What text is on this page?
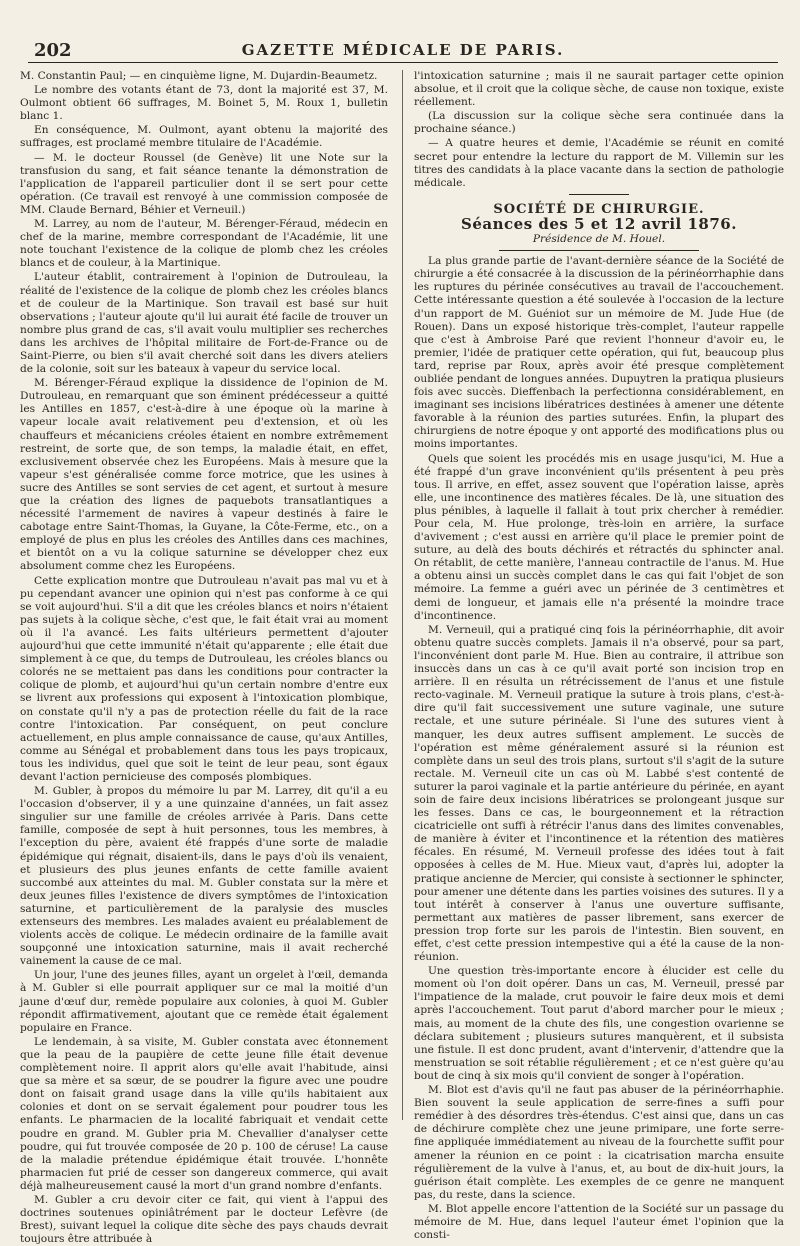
202	GAZETTE MÉDICALE DE PARIS.

M. Constantin Paul; — en cinquième ligne, M. Dujardin-Beaumetz.

Le nombre des votants étant de 73, dont la majorité est 37, M. Oulmont obtient 66 suffrages, M. Boinet 5, M. Roux 1, bulletin blanc 1.

En conséquence, M. Oulmont, ayant obtenu la majorité des suffrages, est proclamé membre titulaire de l'Académie.

— M. le docteur Roussel (de Genève) lit une Note sur la transfusion du sang, et fait séance tenante la démonstration de l'application de l'appareil particulier dont il se sert pour cette opération. (Ce travail est renvoyé à une commission composée de MM. Claude Bernard, Béhier et Verneuil.)

M. Larrey, au nom de l'auteur, M. Bérenger-Féraud, médecin en chef de la marine, membre correspondant de l'Académie, lit une note touchant l'existence de la colique de plomb chez les créoles blancs et de couleur, à la Martinique.

L'auteur établit, contrairement à l'opinion de Dutrouleau, la réalité de l'existence de la colique de plomb chez les créoles blancs et de couleur de la Martinique. Son travail est basé sur huit observations ; l'auteur ajoute qu'il lui aurait été facile de trouver un nombre plus grand de cas, s'il avait voulu multiplier ses recherches dans les archives de l'hôpital militaire de Fort-de-France ou de Saint-Pierre, ou bien s'il avait cherché soit dans les divers ateliers de la colonie, soit sur les bateaux à vapeur du service local.

M. Bérenger-Féraud explique la dissidence de l'opinion de M. Dutrouleau, en remarquant que son éminent prédécesseur a quitté les Antilles en 1857, c'est-à-dire à une époque où la marine à vapeur locale avait relativement peu d'extension, et où les chauffeurs et mécaniciens créoles étaient en nombre extrêmement restreint, de sorte que, de son temps, la maladie était, en effet, exclusivement observée chez les Européens. Mais à mesure que la vapeur s'est généralisée comme force motrice, que les usines à sucre des Antilles se sont servies de cet agent, et surtout à mesure que la création des lignes de paquebots transatlantiques a nécessité l'armement de navires à vapeur destinés à faire le cabotage entre Saint-Thomas, la Guyane, la Côte-Ferme, etc., on a employé de plus en plus les créoles des Antilles dans ces machines, et bientôt on a vu la colique saturnine se développer chez eux absolument comme chez les Européens.

Cette explication montre que Dutrouleau n'avait pas mal vu et à pu cependant avancer une opinion qui n'est pas conforme à ce qui se voit aujourd'hui. S'il a dit que les créoles blancs et noirs n'étaient pas sujets à la colique sèche, c'est que, le fait était vrai au moment où il l'a avancé. Les faits ultérieurs permettent d'ajouter aujourd'hui que cette immunité n'était qu'apparente ; elle était due simplement à ce que, du temps de Dutrouleau, les créoles blancs ou colorés ne se mettaient pas dans les conditions pour contracter la colique de plomb, et aujourd'hui qu'un certain nombre d'entre eux se livrent aux professions qui exposent à l'intoxication plombique, on constate qu'il n'y a pas de protection réelle du fait de la race contre l'intoxication. Par conséquent, on peut conclure actuellement, en plus ample connaissance de cause, qu'aux Antilles, comme au Sénégal et probablement dans tous les pays tropicaux, tous les individus, quel que soit le teint de leur peau, sont égaux devant l'action pernicieuse des composés plombiques.

M. Gubler, à propos du mémoire lu par M. Larrey, dit qu'il a eu l'occasion d'observer, il y a une quinzaine d'années, un fait assez singulier sur une famille de créoles arrivée à Paris. Dans cette famille, composée de sept à huit personnes, tous les membres, à l'exception du père, avaient été frappés d'une sorte de maladie épidémique qui régnait, disaient-ils, dans le pays d'où ils venaient, et plusieurs des plus jeunes enfants de cette famille avaient succombé aux atteintes du mal. M. Gubler constata sur la mère et deux jeunes filles l'existence de divers symptômes de l'intoxication saturnine, et particulièrement de la paralysie des muscles extenseurs des membres. Les malades avaient eu préalablement de violents accès de colique. Le médecin ordinaire de la famille avait soupçonné une intoxication saturnine, mais il avait recherché vainement la cause de ce mal.

Un jour, l'une des jeunes filles, ayant un orgelet à l'œil, demanda à M. Gubler si elle pourrait appliquer sur ce mal la moitié d'un jaune d'œuf dur, remède populaire aux colonies, à quoi M. Gubler répondit affirmativement, ajoutant que ce remède était également populaire en France.

Le lendemain, à sa visite, M. Gubler constata avec étonnement que la peau de la paupière de cette jeune fille était devenue complètement noire. Il apprit alors qu'elle avait l'habitude, ainsi que sa mère et sa sœur, de se poudrer la figure avec une poudre dont on faisait grand usage dans la ville qu'ils habitaient aux colonies et dont on se servait également pour poudrer tous les enfants. Le pharmacien de la localité fabriquait et vendait cette poudre en grand. M. Gubler pria M. Chevallier d'analyser cette poudre, qui fut trouvée composée de 20 p. 100 de céruse! La cause de la maladie prétendue épidémique était trouvée. L'honnête pharmacien fut prié de cesser son dangereux commerce, qui avait déjà malheureusement causé la mort d'un grand nombre d'enfants.

M. Gubler a cru devoir citer ce fait, qui vient à l'appui des doctrines soutenues opiniâtrément par le docteur Lefèvre (de Brest), suivant lequel la colique dite sèche des pays chauds devrait toujours être attribuée à

l'intoxication saturnine ; mais il ne saurait partager cette opinion absolue, et il croit que la colique sèche, de cause non toxique, existe réellement.

(La discussion sur la colique sèche sera continuée dans la prochaine séance.)

— A quatre heures et demie, l'Académie se réunit en comité secret pour entendre la lecture du rapport de M. Villemin sur les titres des candidats à la place vacante dans la section de pathologie médicale.

SOCIÉTÉ DE CHIRURGIE.
Séances des 5 et 12 avril 1876.
Présidence de M. Houel.

La plus grande partie de l'avant-dernière séance de la Société de chirurgie a été consacrée à la discussion de la périnéorrhaphie dans les ruptures du périnée consécutives au travail de l'accouchement. Cette intéressante question a été soulevée à l'occasion de la lecture d'un rapport de M. Guéniot sur un mémoire de M. Jude Hue (de Rouen). Dans un exposé historique très-complet, l'auteur rappelle que c'est à Ambroise Paré que revient l'honneur d'avoir eu, le premier, l'idée de pratiquer cette opération, qui fut, beaucoup plus tard, reprise par Roux, après avoir été presque complètement oubliée pendant de longues années. Dupuytren la pratiqua plusieurs fois avec succès. Dieffenbach la perfectionna considérablement, en imaginant ses incisions libératrices destinées à amener une détente favorable à la réunion des parties suturées. Enfin, la plupart des chirurgiens de notre époque y ont apporté des modifications plus ou moins importantes.

Quels que soient les procédés mis en usage jusqu'ici, M. Hue a été frappé d'un grave inconvénient qu'ils présentent à peu près tous. Il arrive, en effet, assez souvent que l'opération laisse, après elle, une incontinence des matières fécales. De là, une situation des plus pénibles, à laquelle il fallait à tout prix chercher à remédier. Pour cela, M. Hue prolonge, très-loin en arrière, la surface d'avivement ; c'est aussi en arrière qu'il place le premier point de suture, au delà des bouts déchirés et rétractés du sphincter anal. On rétablit, de cette manière, l'anneau contractile de l'anus. M. Hue a obtenu ainsi un succès complet dans le cas qui fait l'objet de son mémoire. La femme a guéri avec un périnée de 3 centimètres et demi de longueur, et jamais elle n'a présenté la moindre trace d'incontinence.

M. Verneuil, qui a pratiqué cinq fois la périnéorrhaphie, dit avoir obtenu quatre succès complets. Jamais il n'a observé, pour sa part, l'inconvénient dont parle M. Hue. Bien au contraire, il attribue son insuccès dans un cas à ce qu'il avait porté son incision trop en arrière. Il en résulta un rétrécissement de l'anus et une fistule recto-vaginale. M. Verneuil pratique la suture à trois plans, c'est-à-dire qu'il fait successivement une suture vaginale, une suture rectale, et une suture périnéale. Si l'une des sutures vient à manquer, les deux autres suffisent amplement. Le succès de l'opération est même généralement assuré si la réunion est complète dans un seul des trois plans, surtout s'il s'agit de la suture rectale. M. Verneuil cite un cas où M. Labbé s'est contenté de suturer la paroi vaginale et la partie antérieure du périnée, en ayant soin de faire deux incisions libératrices se prolongeant jusque sur les fesses. Dans ce cas, le bourgeonnement et la rétraction cicatricielle ont suffi à rétrécir l'anus dans des limites convenables, de manière à éviter et l'incontinence et la rétention des matières fécales. En résumé, M. Verneuil professe des idées tout à fait opposées à celles de M. Hue. Mieux vaut, d'après lui, adopter la pratique ancienne de Mercier, qui consiste à sectionner le sphincter, pour amener une détente dans les parties voisines des sutures. Il y a tout intérêt à conserver à l'anus une ouverture suffisante, permettant aux matières de passer librement, sans exercer de pression trop forte sur les parois de l'intestin. Bien souvent, en effet, c'est cette pression intempestive qui a été la cause de la non-réunion.

Une question très-importante encore à élucider est celle du moment où l'on doit opérer. Dans un cas, M. Verneuil, pressé par l'impatience de la malade, crut pouvoir le faire deux mois et demi après l'accouchement. Tout parut d'abord marcher pour le mieux ; mais, au moment de la chute des fils, une congestion ovarienne se déclara subitement ; plusieurs sutures manquèrent, et il subsista une fistule. Il est donc prudent, avant d'intervenir, d'attendre que la menstruation se soit rétablie régulièrement ; et ce n'est guère qu'au bout de cinq à six mois qu'il convient de songer à l'opération.

M. Blot est d'avis qu'il ne faut pas abuser de la périnéorrhaphie. Bien souvent la seule application de serre-fines a suffi pour remédier à des désordres très-étendus. C'est ainsi que, dans un cas de déchirure complète chez une jeune primipare, une forte serre-fine appliquée immédiatement au niveau de la fourchette suffit pour amener la réunion en ce point : la cicatrisation marcha ensuite régulièrement de la vulve à l'anus, et, au bout de dix-huit jours, la guérison était complète. Les exemples de ce genre ne manquent pas, du reste, dans la science.

M. Blot appelle encore l'attention de la Société sur un passage du mémoire de M. Hue, dans lequel l'auteur émet l'opinion que la consti-
